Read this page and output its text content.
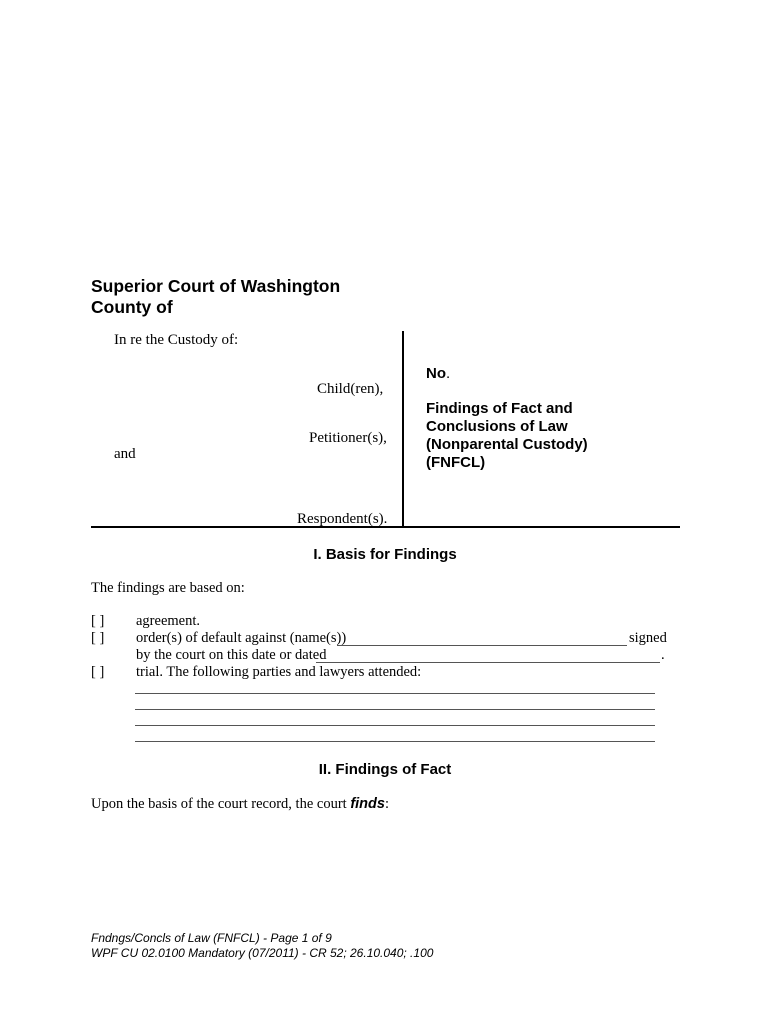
Superior Court of Washington
County of
In re the Custody of:
Child(ren),
Petitioner(s),
and
Respondent(s).
No.
Findings of Fact and
Conclusions of Law
(Nonparental Custody)
(FNFCL)
I. Basis for Findings
The findings are based on:
[ ] agreement.
[ ] order(s) of default against (name(s))	signed
by the court on this date or dated	.
[ ] trial. The following parties and lawyers attended:
II. Findings of Fact
Upon the basis of the court record, the court finds:
Fndngs/Concls of Law (FNFCL) - Page 1 of 9
WPF CU 02.0100 Mandatory (07/2011) - CR 52; 26.10.040; .100
